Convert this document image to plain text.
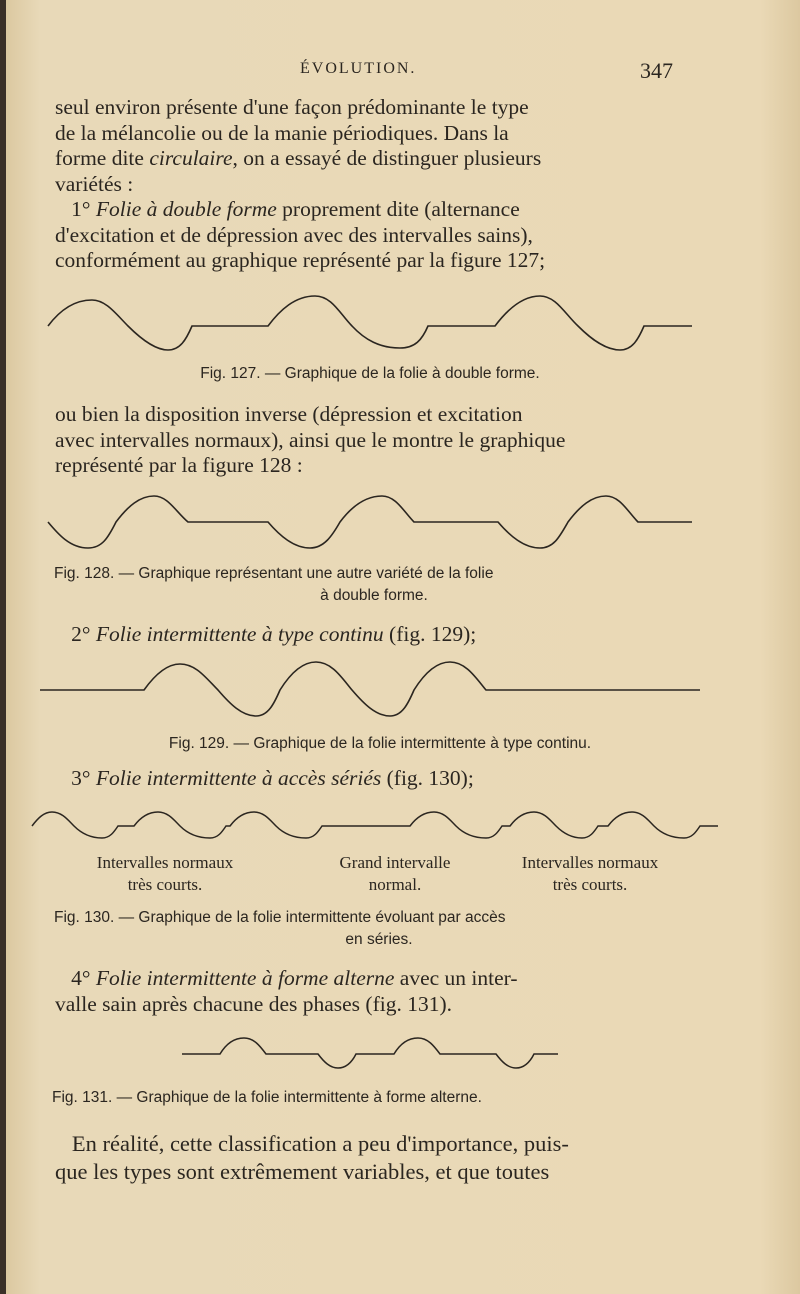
ÉVOLUTION.	347

seul environ présente d'une façon prédominante le type
de la mélancolie ou de la manie périodiques. Dans la
forme dite circulaire, on a essayé de distinguer plusieurs
variétés :

1° Folie à double forme proprement dite (alternance
d'excitation et de dépression avec des intervalles sains),
conformément au graphique représenté par la figure 127;

Fig. 127. — Graphique de la folie à double forme.

ou bien la disposition inverse (dépression et excitation
avec intervalles normaux), ainsi que le montre le graphique
représenté par la figure 128 :

Fig. 128. — Graphique représentant une autre variété de la folie

à double forme.

2° Folie intermittente à type continu (fig. 129);

Fig. 129. — Graphique de la folie intermittente à type continu.

3° Folie intermittente à accès sériés (fig. 130);

Intervalles normaux
très courts.
Grand intervalle
normal.
Intervalles normaux
très courts.

Fig. 130. — Graphique de la folie intermittente évoluant par accès

en séries.

4° Folie intermittente à forme alterne avec un inter-
valle sain après chacune des phases (fig. 131).

Fig. 131. — Graphique de la folie intermittente à forme alterne.

En réalité, cette classification a peu d'importance, puis-
que les types sont extrêmement variables, et que toutes
